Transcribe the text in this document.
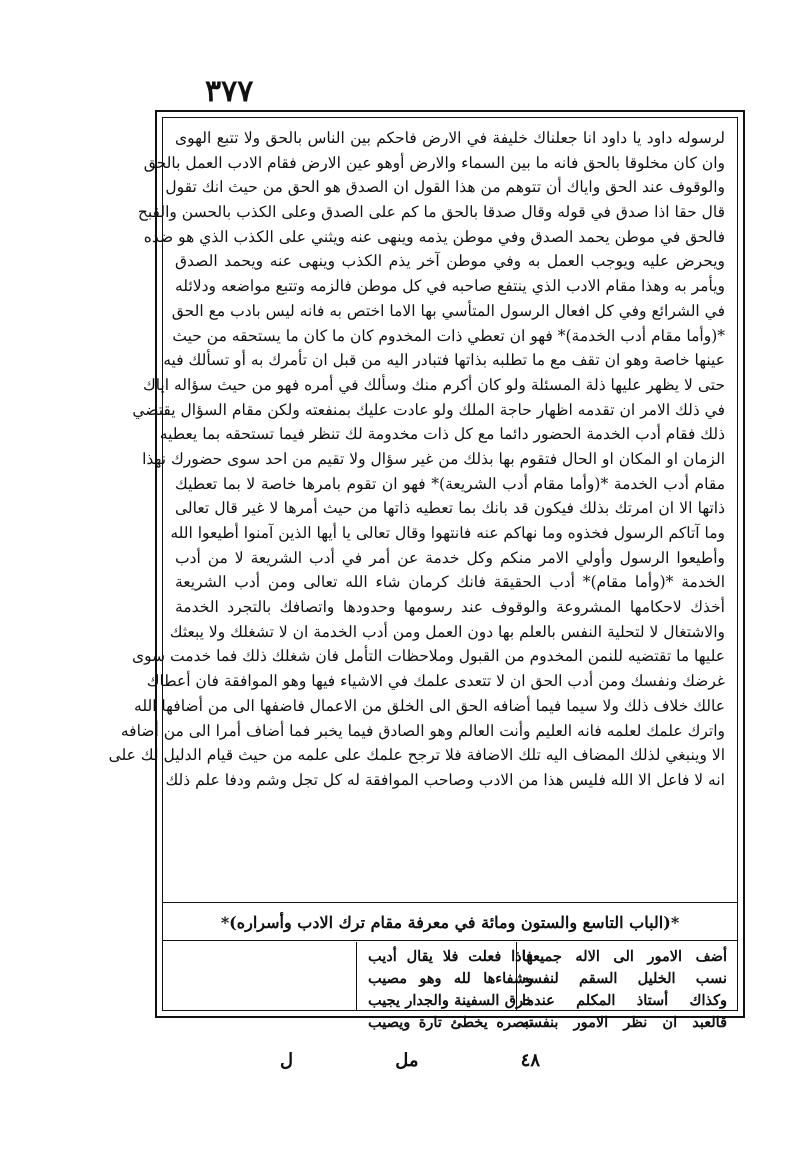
٣٧٧
لرسوله داود يا داود انا جعلناك خليفة في الارض فاحكم بين الناس بالحق ولا تتبع الهوى
وان كان مخلوقا بالحق فانه ما بين السماء والارض أوهو عين الارض فقام الادب العمل بالحق
والوقوف عند الحق واياك أن تتوهم من هذا القول ان الصدق هو الحق من حيث انك تقول
قال حقا اذا صدق في قوله وقال صدقا بالحق ما كم على الصدق وعلى الكذب بالحسن والقبح
فالحق في موطن يحمد الصدق وفي موطن يذمه وينهى عنه ويثني على الكذب الذي هو ضده
ويحرض عليه ويوجب العمل به وفي موطن آخر يذم الكذب وينهى عنه ويحمد الصدق
ويأمر به وهذا مقام الادب الذي ينتفع صاحبه في كل موطن فالزمه وتتبع مواضعه ودلائله
في الشرائع وفي كل افعال الرسول المتأسي بها الاما اختص به فانه ليس بادب مع الحق
*(وأما مقام أدب الخدمة)* فهو ان تعطي ذات المخدوم كان ما كان ما يستحقه من حيث
عينها خاصة وهو ان تقف مع ما تطلبه بذاتها فتبادر اليه من قبل ان تأمرك به أو تسألك فيه
حتى لا يظهر عليها ذلة المسئلة ولو كان أكرم منك وسألك في أمره فهو من حيث سؤاله اياك
في ذلك الامر ان تقدمه اظهار حاجة الملك ولو عادت عليك بمنفعته ولكن مقام السؤال يقتضي
ذلك فقام أدب الخدمة الحضور دائما مع كل ذات مخدومة لك تنظر فيما تستحقه بما يعطيه
الزمان او المكان او الحال فتقوم بها بذلك من غير سؤال ولا تقيم من احد سوى حضورك نهذا
مقام أدب الخدمة *(وأما مقام أدب الشريعة)* فهو ان تقوم بامرها خاصة لا بما تعطيك
ذاتها الا ان امرتك بذلك فيكون قد بانك بما تعطيه ذاتها من حيث أمرها لا غير قال تعالى
وما آتاكم الرسول فخذوه وما نهاكم عنه فانتهوا وقال تعالى يا أيها الذين آمنوا أطيعوا الله
وأطيعوا الرسول وأولي الامر منكم وكل خدمة عن أمر في أدب الشريعة لا من أدب
الخدمة *(وأما مقام)* أدب الحقيقة فانك كرمان شاء الله تعالى ومن أدب الشريعة
أخذك لاحكامها المشروعة والوقوف عند رسومها وحدودها واتصافك بالتجرد الخدمة
والاشتغال لا لتحلية النفس بالعلم بها دون العمل ومن أدب الخدمة ان لا تشغلك ولا يبعثك
عليها ما تقتضيه للنمن المخدوم من القبول وملاحظات التأمل فان شغلك ذلك فما خدمت سوى
غرضك ونفسك ومن أدب الحق ان لا تتعدى علمك في الاشياء فيها وهو الموافقة فان أعطاك
عالك خلاف ذلك ولا سيما فيما أضافه الحق الى الخلق من الاعمال فاضفها الى من أضافها الله
واترك علمك لعلمه فانه العليم وأنت العالم وهو الصادق فيما يخبر فما أضاف أمرا الى من أضافه
الا وينبغي لذلك المضاف اليه تلك الاضافة فلا ترجح علمك على علمه من حيث قيام الدليل لك على
انه لا فاعل الا الله فليس هذا من الادب وصاحب الموافقة له كل تجل وشم ودفا علم ذلك
*(الباب التاسع والستون ومائة في معرفة مقام ترك الادب وأسراره)*
أضف الامور الى الاله جميعها
نسب الخليل السقم لنفسه
وكذاك أستاذ المكلم عندما
قالعبد ان نظر الامور بنفسه
فاذا فعلت فلا يقال أديب
وشفاءها لله وهو مصيب
خرق السفينة والجدار يجيب
تبصره يخطئ تارة ويصيب
٤٨
مل
ل
